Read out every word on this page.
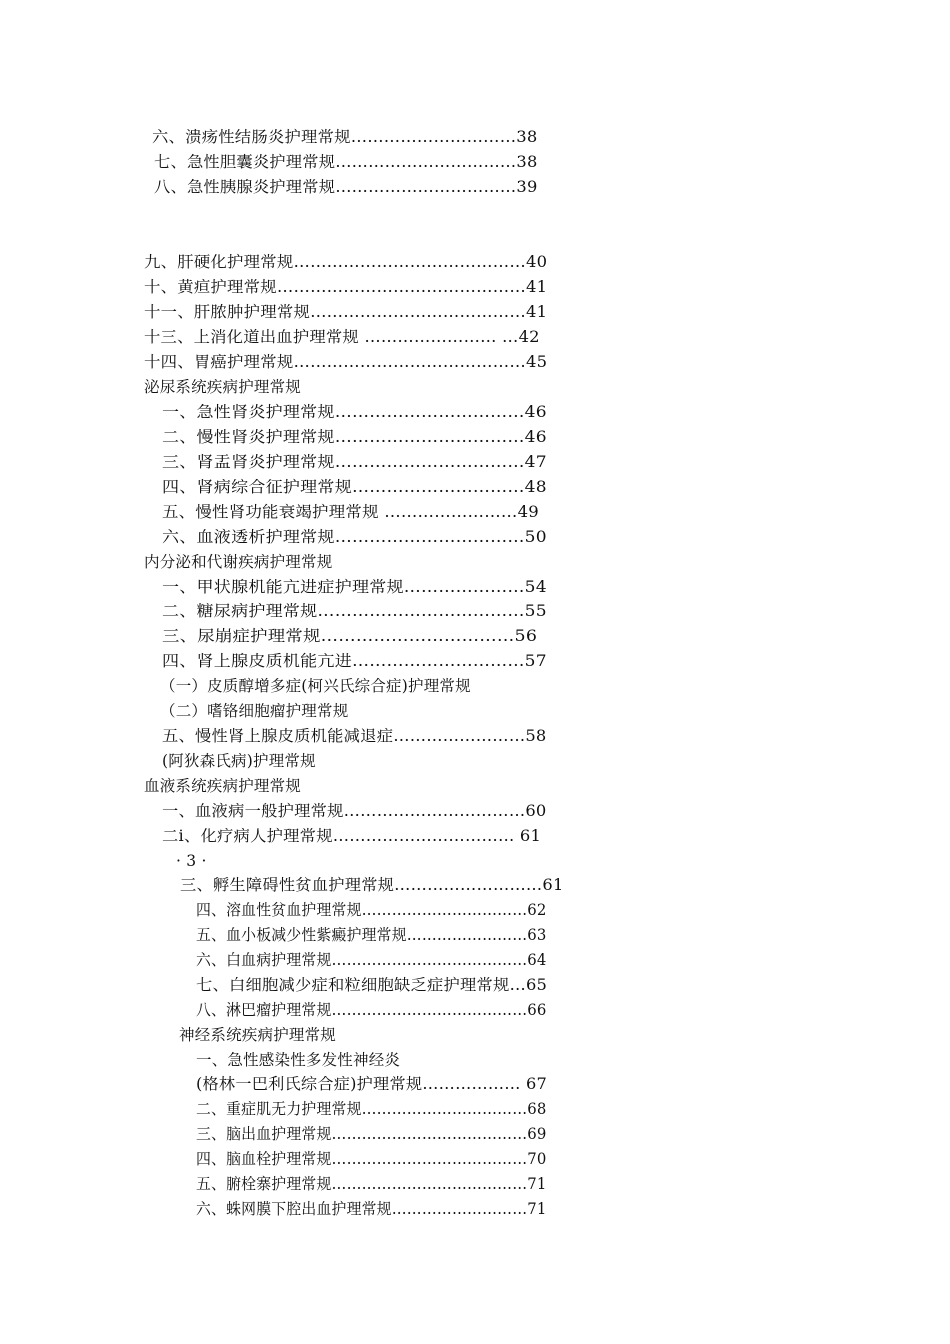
六、溃疡性结肠炎护理常规…………………………38
七、急性胆囊炎护理常规……………………………38
八、急性胰腺炎护理常规……………………………39
九、肝硬化护理常规……………………………………40
十、黄疸护理常规………………………………………41
十一、肝脓肿护理常规…………………………………41
十三、上消化道出血护理常规 …………………… …42
十四、胃癌护理常规……………………………………45
泌尿系统疾病护理常规
一、急性肾炎护理常规……………………………46
二、慢性肾炎护理常规……………………………46
三、肾盂肾炎护理常规……………………………47
四、肾病综合征护理常规…………………………48
五、慢性肾功能衰竭护理常规 ……………………49
六、血液透析护理常规……………………………50
内分泌和代谢疾病护理常规
一、甲状腺机能亢进症护理常规…………………54
二、糖尿病护理常规………………………………55
三、尿崩症护理常规……………………………56
四、肾上腺皮质机能亢进…………………………57
（一）皮质醇增多症(柯兴氏综合症)护理常规
（二）嗜铬细胞瘤护理常规
五、慢性肾上腺皮质机能减退症……………………58
(阿狄森氏病)护理常规
血液系统疾病护理常规
一、血液病一般护理常规……………………………60
二i、化疗病人护理常规…………………………… 61
· 3 ·
三、孵生障碍性贫血护理常规………………………61
四、溶血性贫血护理常规……………………………62
五、血小板减少性紫癜护理常规……………………63
六、白血病护理常规…………………………………64
七、白细胞减少症和粒细胞缺乏症护理常规…65
八、淋巴瘤护理常规…………………………………66
神经系统疾病护理常规
一、急性感染性多发性神经炎
(格林一巴利氏综合症)护理常规……………… 67
二、重症肌无力护理常规……………………………68
三、脑出血护理常规…………………………………69
四、脑血栓护理常规…………………………………70
五、腑栓寨护理常规…………………………………71
六、蛛网膜下腔出血护理常规………………………71
